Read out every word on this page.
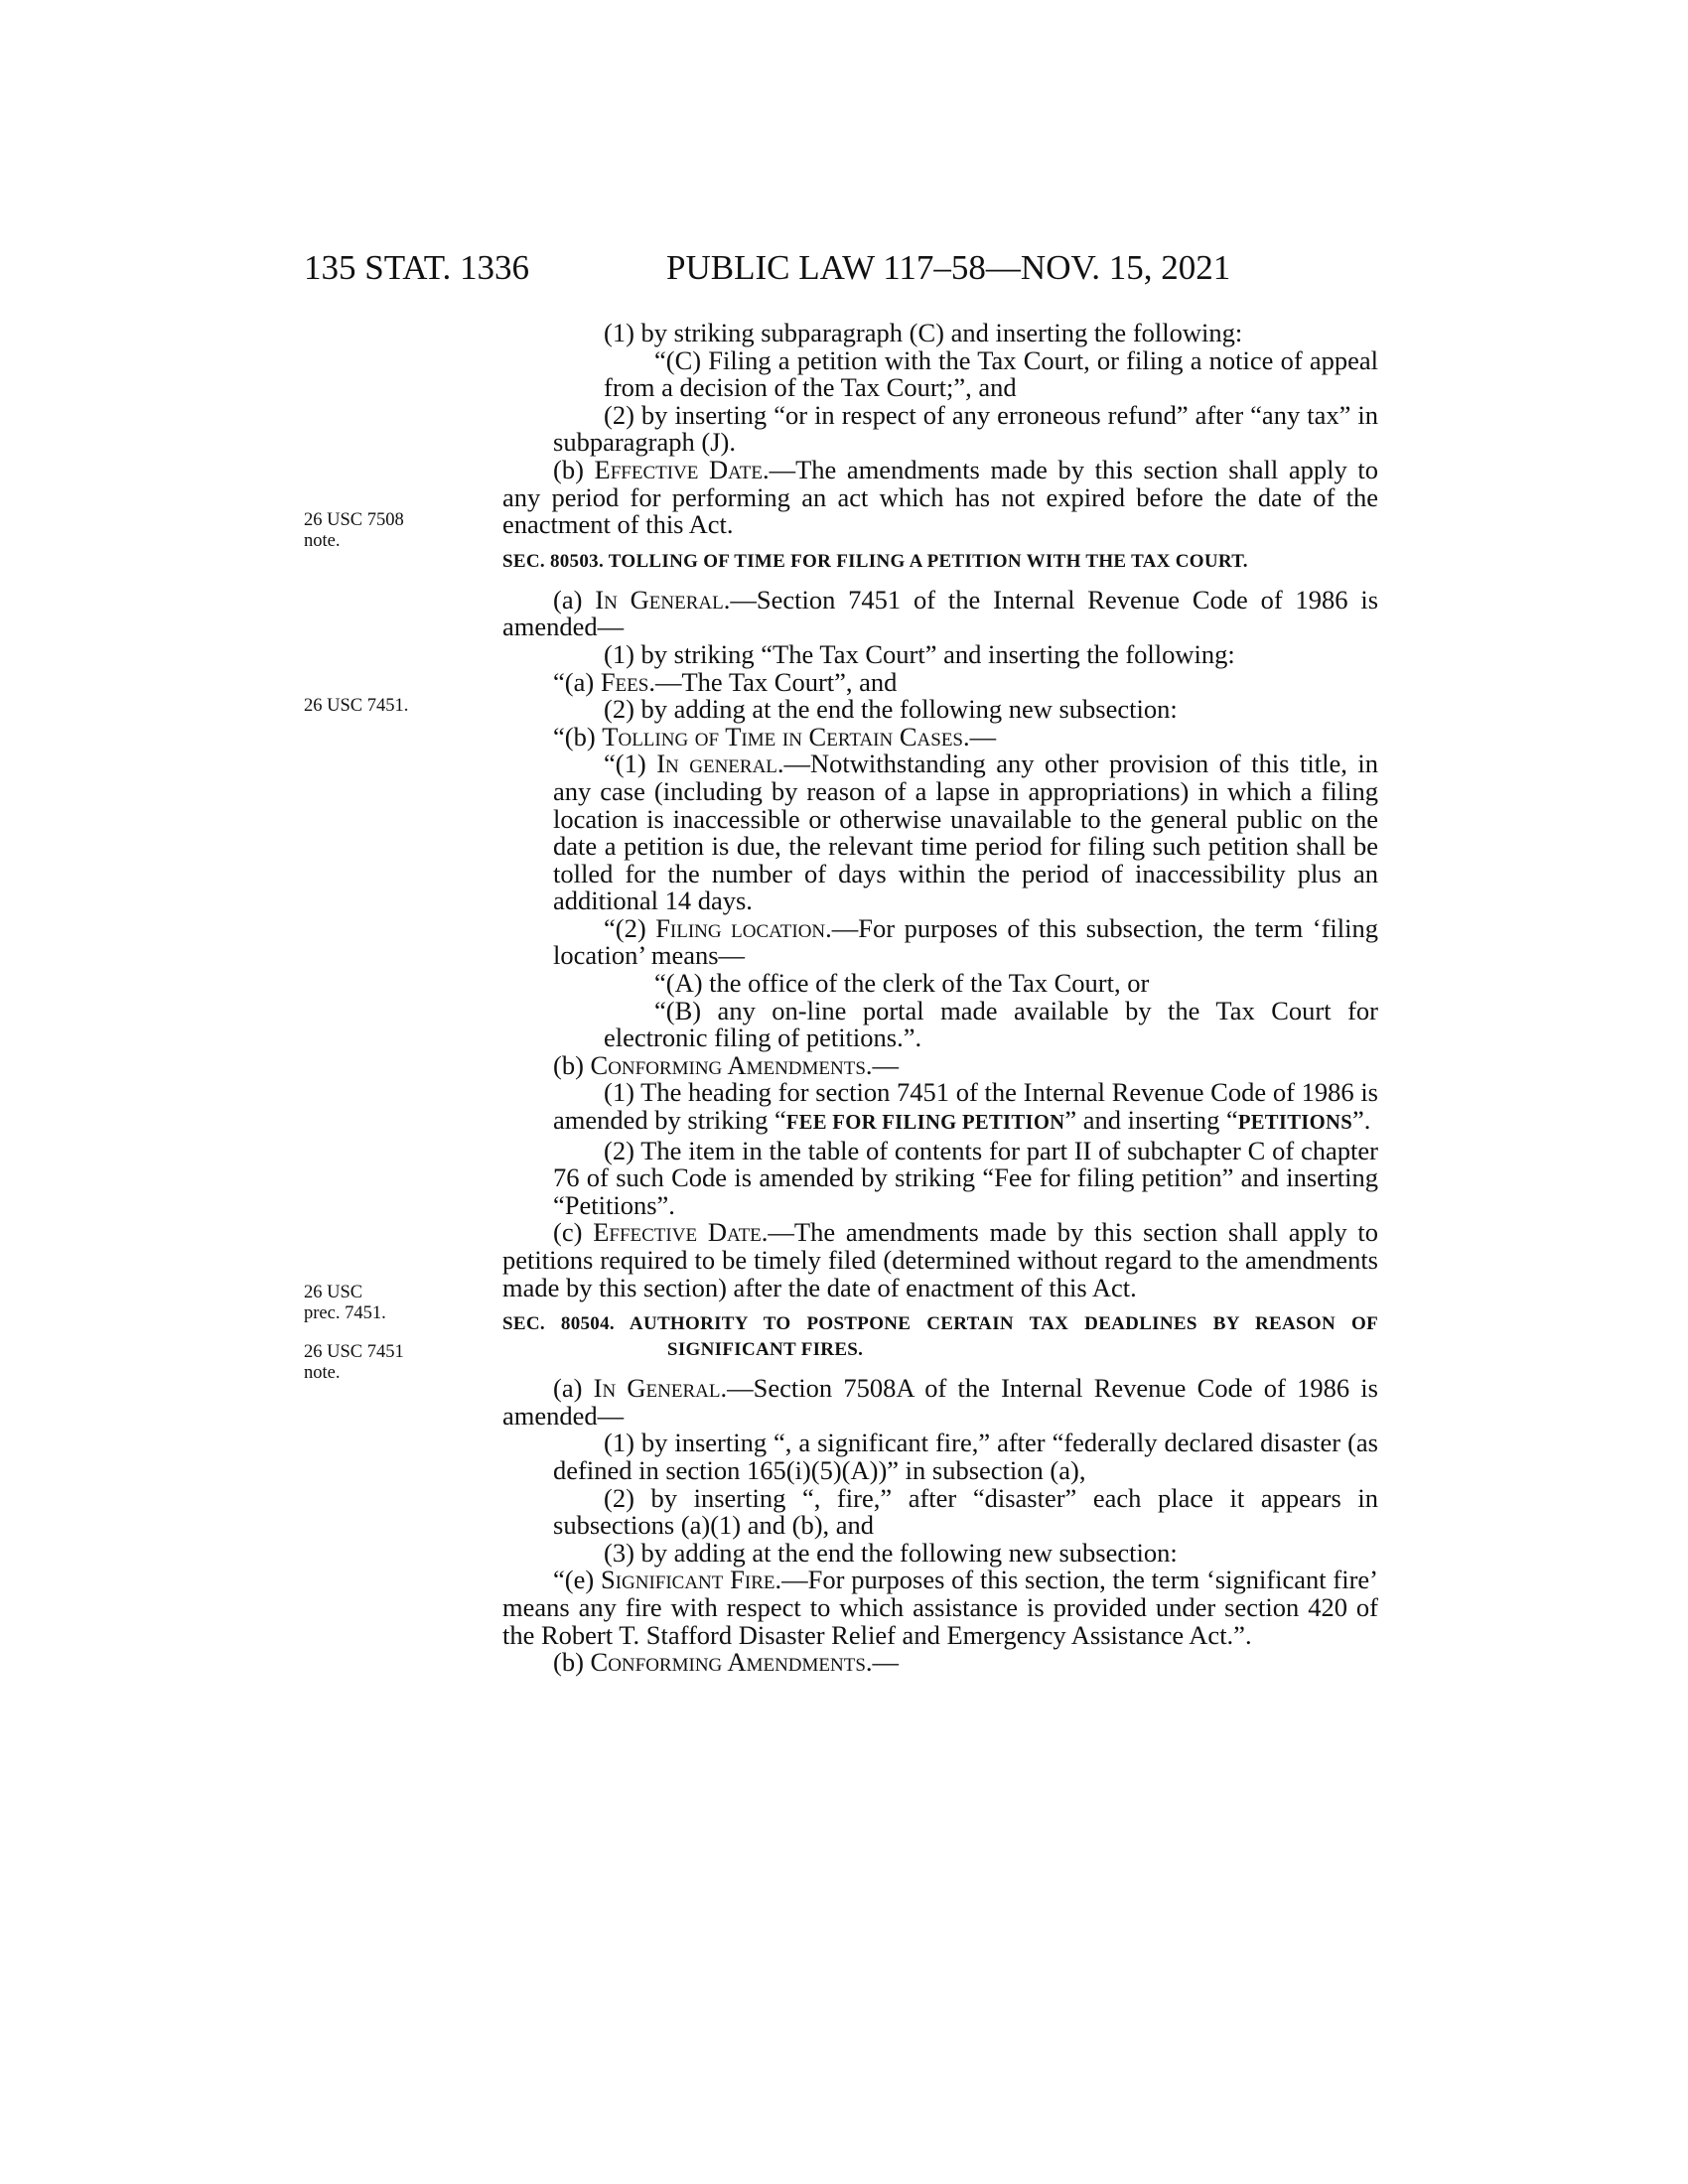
135 STAT. 1336	PUBLIC LAW 117–58—NOV. 15, 2021
26 USC 7508
note.
26 USC 7451.
26 USC
prec. 7451.
26 USC 7451
note.

(1) by striking subparagraph (C) and inserting the following:

“(C) Filing a petition with the Tax Court, or filing a notice of appeal from a decision of the Tax Court;”, and

(2) by inserting “or in respect of any erroneous refund” after “any tax” in subparagraph (J).

(b) Effective Date.—The amendments made by this section shall apply to any period for performing an act which has not expired before the date of the enactment of this Act.

SEC. 80503. TOLLING OF TIME FOR FILING A PETITION WITH THE TAX COURT.

(a) In General.—Section 7451 of the Internal Revenue Code of 1986 is amended—

(1) by striking “The Tax Court” and inserting the following:

“(a) Fees.—The Tax Court”, and

(2) by adding at the end the following new subsection:

“(b) Tolling of Time in Certain Cases.—

“(1) In general.—Notwithstanding any other provision of this title, in any case (including by reason of a lapse in appropriations) in which a filing location is inaccessible or otherwise unavailable to the general public on the date a petition is due, the relevant time period for filing such petition shall be tolled for the number of days within the period of inaccessibility plus an additional 14 days.

“(2) Filing location.—For purposes of this subsection, the term ‘filing location’ means—

“(A) the office of the clerk of the Tax Court, or

“(B) any on-line portal made available by the Tax Court for electronic filing of petitions.”.

(b) Conforming Amendments.—

(1) The heading for section 7451 of the Internal Revenue Code of 1986 is amended by striking “FEE FOR FILING PETITION” and inserting “PETITIONS”.

(2) The item in the table of contents for part II of subchapter C of chapter 76 of such Code is amended by striking “Fee for filing petition” and inserting “Petitions”.

(c) Effective Date.—The amendments made by this section shall apply to petitions required to be timely filed (determined without regard to the amendments made by this section) after the date of enactment of this Act.

SEC. 80504. AUTHORITY TO POSTPONE CERTAIN TAX DEADLINES BY REASON OF SIGNIFICANT FIRES.

(a) In General.—Section 7508A of the Internal Revenue Code of 1986 is amended—

(1) by inserting “, a significant fire,” after “federally declared disaster (as defined in section 165(i)(5)(A))” in subsection (a),

(2) by inserting “, fire,” after “disaster” each place it appears in subsections (a)(1) and (b), and

(3) by adding at the end the following new subsection:

“(e) Significant Fire.—For purposes of this section, the term ‘significant fire’ means any fire with respect to which assistance is provided under section 420 of the Robert T. Stafford Disaster Relief and Emergency Assistance Act.”.

(b) Conforming Amendments.—
